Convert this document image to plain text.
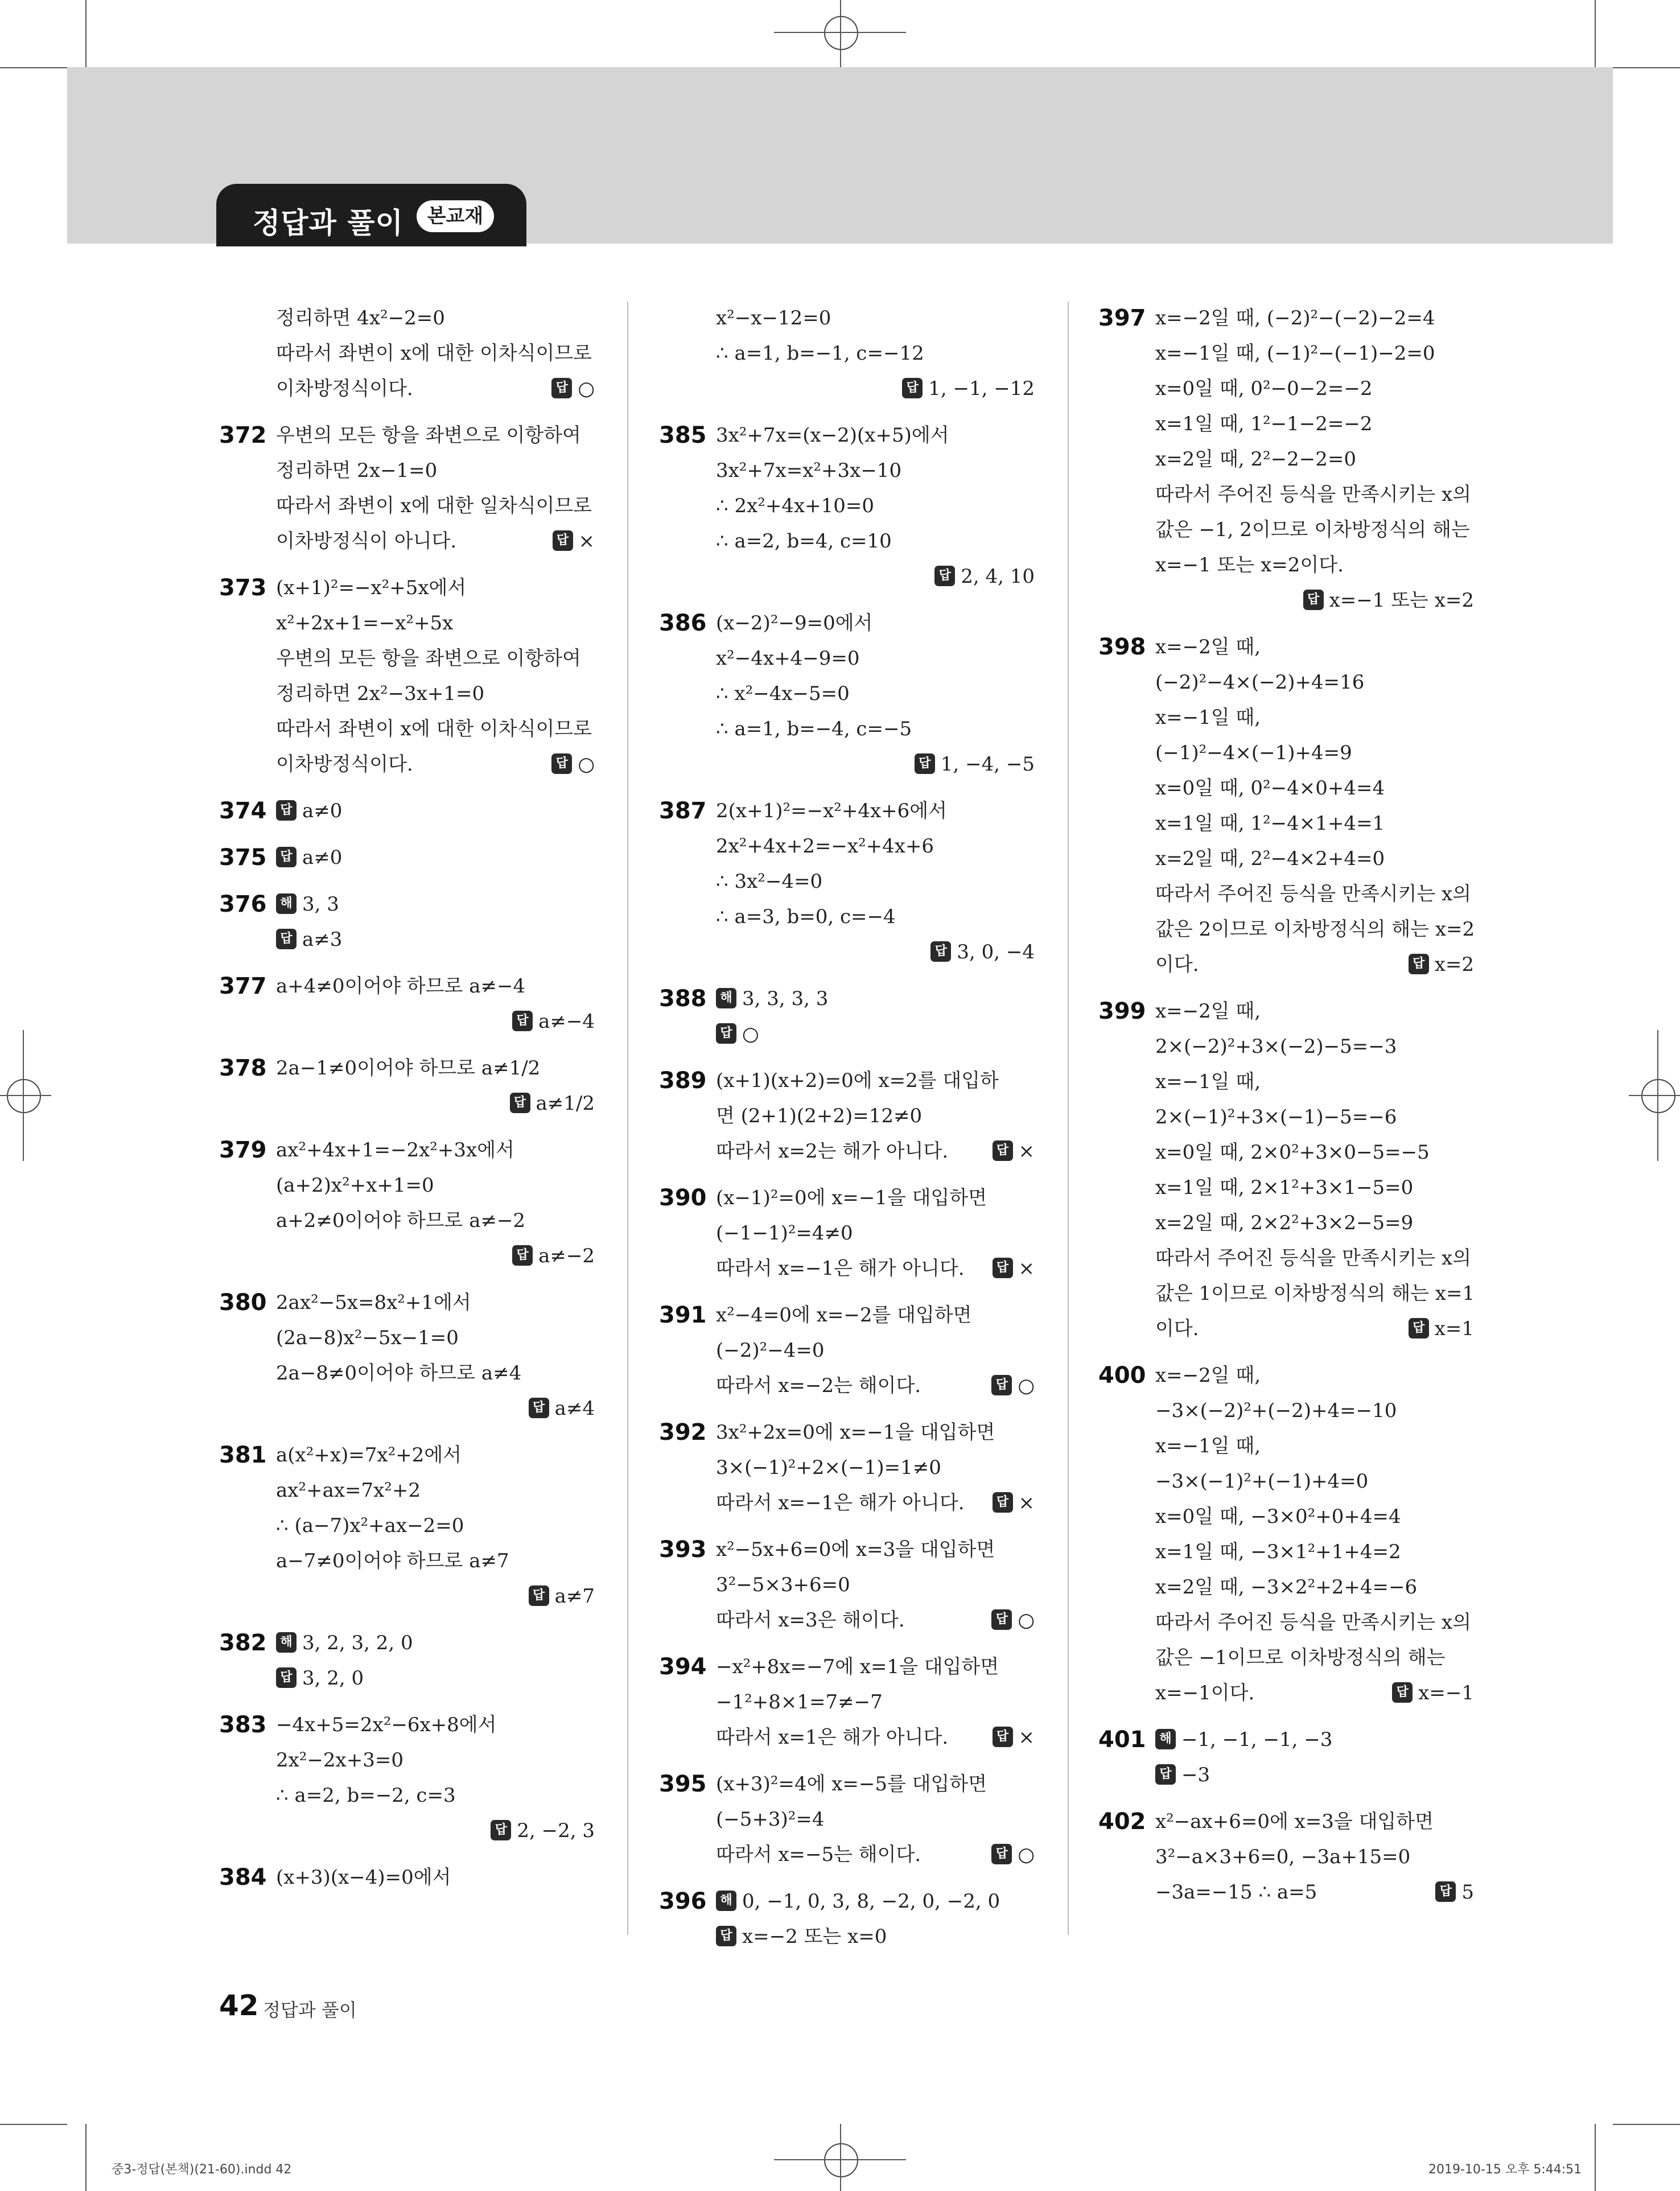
정답과 풀이	본교재
정리하면 4x²−2=0
따라서 좌변이 x에 대한 이차식이므로
이차방정식이다.	답 ○
372 우변의 모든 항을 좌변으로 이항하여
정리하면 2x−1=0
따라서 좌변이 x에 대한 일차식이므로
이차방정식이 아니다.	답 ×
373 (x+1)²=−x²+5x에서
x²+2x+1=−x²+5x
우변의 모든 항을 좌변으로 이항하여
정리하면 2x²−3x+1=0
따라서 좌변이 x에 대한 이차식이므로
이차방정식이다.	답 ○
374	답 a≠0
375	답 a≠0
376	해 3, 3
답 a≠3
377 a+4≠0이어야 하므로 a≠−4
답 a≠−4
378 2a−1≠0이어야 하므로 a≠1/2
답 a≠1/2
379 ax²+4x+1=−2x²+3x에서
(a+2)x²+x+1=0
a+2≠0이어야 하므로 a≠−2
답 a≠−2
380 2ax²−5x=8x²+1에서
(2a−8)x²−5x−1=0
2a−8≠0이어야 하므로 a≠4
답 a≠4
381 a(x²+x)=7x²+2에서
ax²+ax=7x²+2
∴ (a−7)x²+ax−2=0
a−7≠0이어야 하므로 a≠7
답 a≠7
382	해 3, 2, 3, 2, 0
답 3, 2, 0
383 −4x+5=2x²−6x+8에서
2x²−2x+3=0
∴ a=2, b=−2, c=3
답 2, −2, 3
384 (x+3)(x−4)=0에서
x²−x−12=0
∴ a=1, b=−1, c=−12
답 1, −1, −12
385 3x²+7x=(x−2)(x+5)에서
3x²+7x=x²+3x−10
∴ 2x²+4x+10=0
∴ a=2, b=4, c=10
답 2, 4, 10
386 (x−2)²−9=0에서
x²−4x+4−9=0
∴ x²−4x−5=0
∴ a=1, b=−4, c=−5
답 1, −4, −5
387 2(x+1)²=−x²+4x+6에서
2x²+4x+2=−x²+4x+6
∴ 3x²−4=0
∴ a=3, b=0, c=−4
답 3, 0, −4
388	해 3, 3, 3, 3
답 ○
389 (x+1)(x+2)=0에 x=2를 대입하
면 (2+1)(2+2)=12≠0
따라서 x=2는 해가 아니다.	답 ×
390 (x−1)²=0에 x=−1을 대입하면
(−1−1)²=4≠0
따라서 x=−1은 해가 아니다.	답 ×
391 x²−4=0에 x=−2를 대입하면
(−2)²−4=0
따라서 x=−2는 해이다.	답 ○
392 3x²+2x=0에 x=−1을 대입하면
3×(−1)²+2×(−1)=1≠0
따라서 x=−1은 해가 아니다.	답 ×
393 x²−5x+6=0에 x=3을 대입하면
3²−5×3+6=0
따라서 x=3은 해이다.	답 ○
394 −x²+8x=−7에 x=1을 대입하면
−1²+8×1=7≠−7
따라서 x=1은 해가 아니다.	답 ×
395 (x+3)²=4에 x=−5를 대입하면
(−5+3)²=4
따라서 x=−5는 해이다.	답 ○
396	해 0, −1, 0, 3, 8, −2, 0, −2, 0
답 x=−2 또는 x=0
397 x=−2일 때, (−2)²−(−2)−2=4
x=−1일 때, (−1)²−(−1)−2=0
x=0일 때, 0²−0−2=−2
x=1일 때, 1²−1−2=−2
x=2일 때, 2²−2−2=0
따라서 주어진 등식을 만족시키는 x의
값은 −1, 2이므로 이차방정식의 해는
x=−1 또는 x=2이다.
답 x=−1 또는 x=2
398 x=−2일 때,
(−2)²−4×(−2)+4=16
x=−1일 때,
(−1)²−4×(−1)+4=9
x=0일 때, 0²−4×0+4=4
x=1일 때, 1²−4×1+4=1
x=2일 때, 2²−4×2+4=0
따라서 주어진 등식을 만족시키는 x의
값은 2이므로 이차방정식의 해는 x=2
이다.	답 x=2
399 x=−2일 때,
2×(−2)²+3×(−2)−5=−3
x=−1일 때,
2×(−1)²+3×(−1)−5=−6
x=0일 때, 2×0²+3×0−5=−5
x=1일 때, 2×1²+3×1−5=0
x=2일 때, 2×2²+3×2−5=9
따라서 주어진 등식을 만족시키는 x의
값은 1이므로 이차방정식의 해는 x=1
이다.	답 x=1
400 x=−2일 때,
−3×(−2)²+(−2)+4=−10
x=−1일 때,
−3×(−1)²+(−1)+4=0
x=0일 때, −3×0²+0+4=4
x=1일 때, −3×1²+1+4=2
x=2일 때, −3×2²+2+4=−6
따라서 주어진 등식을 만족시키는 x의
값은 −1이므로 이차방정식의 해는
x=−1이다.	답 x=−1
401	해 −1, −1, −1, −3
답 −3
402 x²−ax+6=0에 x=3을 대입하면
3²−a×3+6=0, −3a+15=0
−3a=−15 ∴ a=5	답 5
42 정답과 풀이
중3-정답(본책)(21-60).indd 42	2019-10-15 오후 5:44:51
